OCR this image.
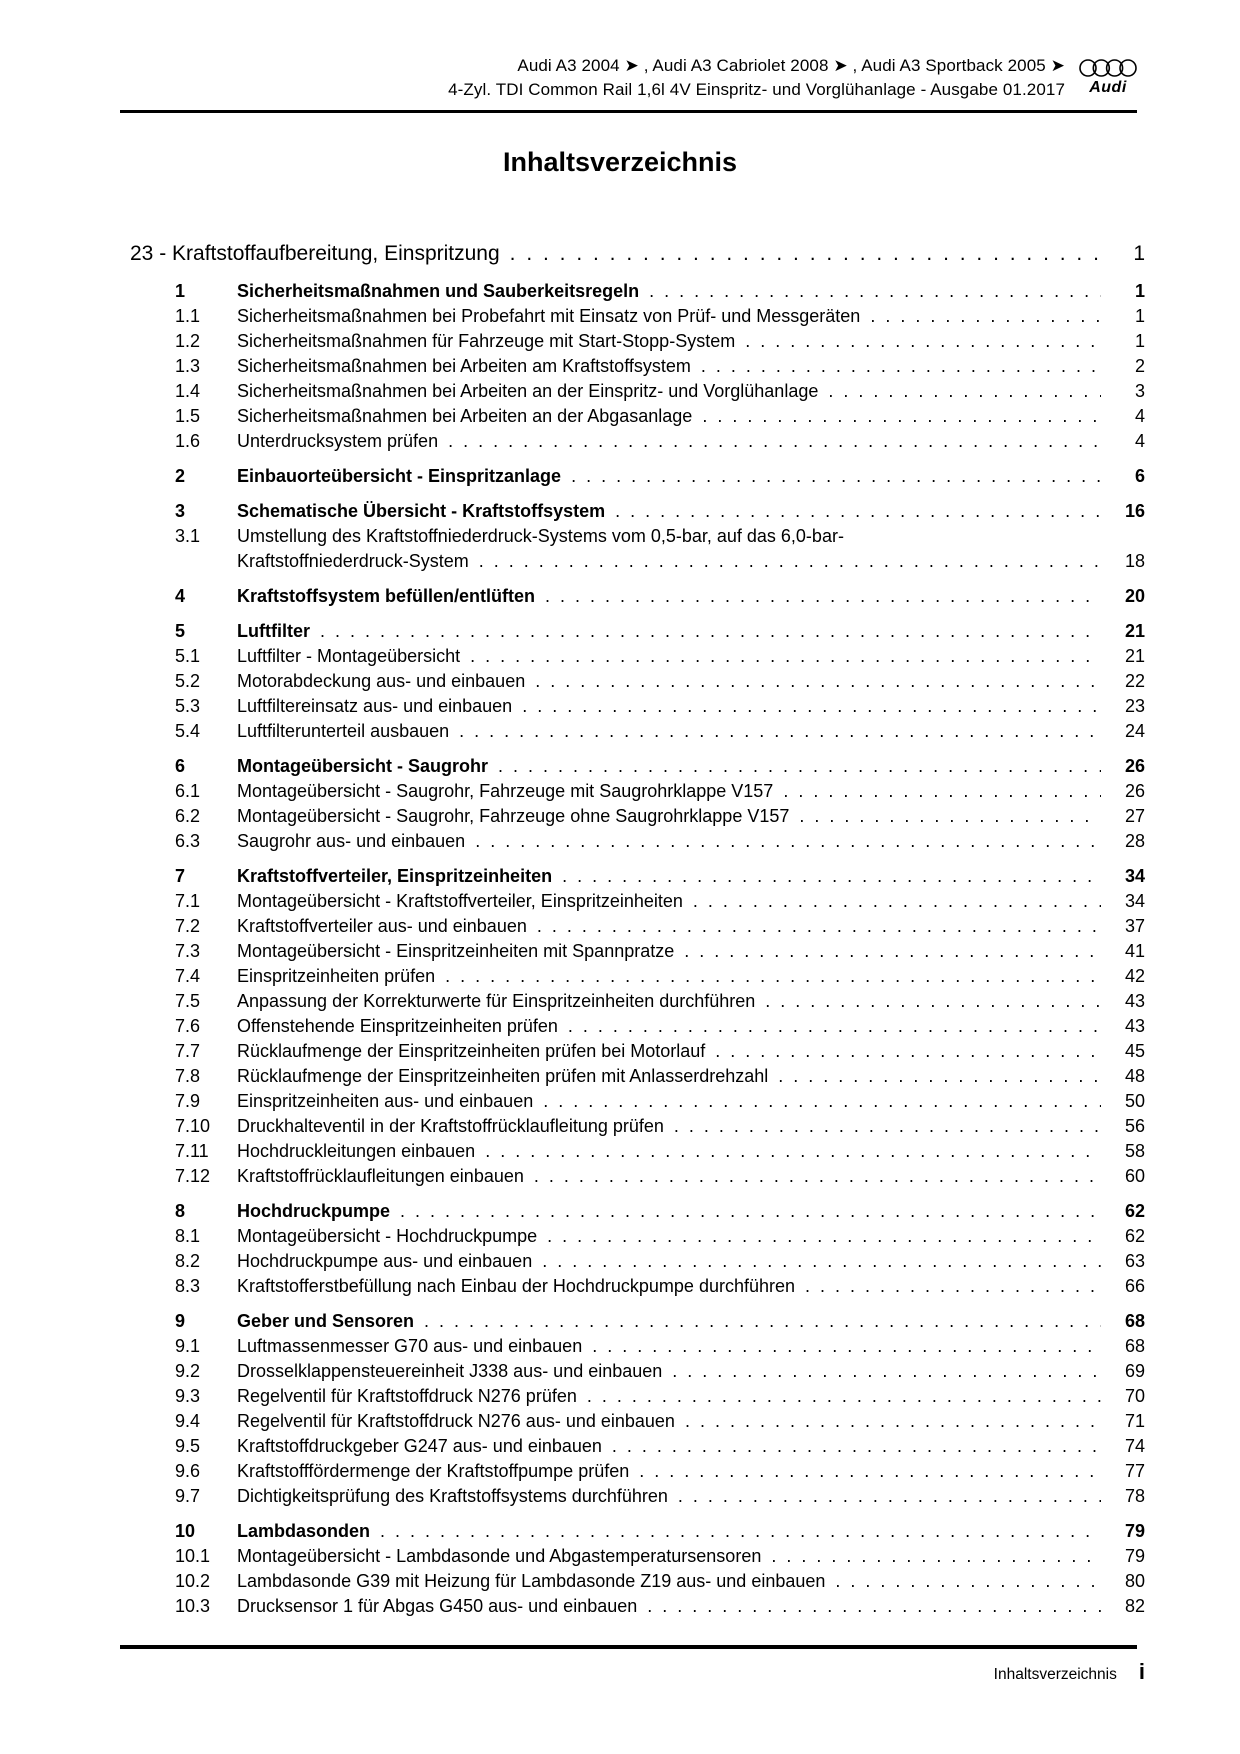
Audi A3 2004 ➤ , Audi A3 Cabriolet 2008 ➤ , Audi A3 Sportback 2005 ➤
4-Zyl. TDI Common Rail 1,6l 4V Einspritz- und Vorglühanlage - Ausgabe 01.2017	Audi
Inhaltsverzeichnis
23 - Kraftstoffaufbereitung, Einspritzung . . .	1
1	Sicherheitsmaßnahmen und Sauberkeitsregeln . . .	1
1.1	Sicherheitsmaßnahmen bei Probefahrt mit Einsatz von Prüf- und Messgeräten . . .	1
1.2	Sicherheitsmaßnahmen für Fahrzeuge mit Start-Stopp-System . . .	1
1.3	Sicherheitsmaßnahmen bei Arbeiten am Kraftstoffsystem . . .	2
1.4	Sicherheitsmaßnahmen bei Arbeiten an der Einspritz- und Vorglühanlage . . .	3
1.5	Sicherheitsmaßnahmen bei Arbeiten an der Abgasanlage . . .	4
1.6	Unterdrucksystem prüfen . . .	4
2	Einbauorteübersicht - Einspritzanlage . . .	6
3	Schematische Übersicht - Kraftstoffsystem . . .	16
3.1	Umstellung des Kraftstoffniederdruck-Systems vom 0,5-bar, auf das 6,0-bar-
Kraftstoffniederdruck-System . . .	18
4	Kraftstoffsystem befüllen/entlüften . . .	20
5	Luftfilter . . .	21
5.1	Luftfilter - Montageübersicht . . .	21
5.2	Motorabdeckung aus- und einbauen . . .	22
5.3	Luftfiltereinsatz aus- und einbauen . . .	23
5.4	Luftfilterunterteil ausbauen . . .	24
6	Montageübersicht - Saugrohr . . .	26
6.1	Montageübersicht - Saugrohr, Fahrzeuge mit Saugrohrklappe V157 . . .	26
6.2	Montageübersicht - Saugrohr, Fahrzeuge ohne Saugrohrklappe V157 . . .	27
6.3	Saugrohr aus- und einbauen . . .	28
7	Kraftstoffverteiler, Einspritzeinheiten . . .	34
7.1	Montageübersicht - Kraftstoffverteiler, Einspritzeinheiten . . .	34
7.2	Kraftstoffverteiler aus- und einbauen . . .	37
7.3	Montageübersicht - Einspritzeinheiten mit Spannpratze . . .	41
7.4	Einspritzeinheiten prüfen . . .	42
7.5	Anpassung der Korrekturwerte für Einspritzeinheiten durchführen . . .	43
7.6	Offenstehende Einspritzeinheiten prüfen . . .	43
7.7	Rücklaufmenge der Einspritzeinheiten prüfen bei Motorlauf . . .	45
7.8	Rücklaufmenge der Einspritzeinheiten prüfen mit Anlasserdrehzahl . . .	48
7.9	Einspritzeinheiten aus- und einbauen . . .	50
7.10	Druckhalteventil in der Kraftstoffrücklaufleitung prüfen . . .	56
7.11	Hochdruckleitungen einbauen . . .	58
7.12	Kraftstoffrücklaufleitungen einbauen . . .	60
8	Hochdruckpumpe . . .	62
8.1	Montageübersicht - Hochdruckpumpe . . .	62
8.2	Hochdruckpumpe aus- und einbauen . . .	63
8.3	Kraftstofferstbefüllung nach Einbau der Hochdruckpumpe durchführen . . .	66
9	Geber und Sensoren . . .	68
9.1	Luftmassenmesser G70 aus- und einbauen . . .	68
9.2	Drosselklappensteuereinheit J338 aus- und einbauen . . .	69
9.3	Regelventil für Kraftstoffdruck N276 prüfen . . .	70
9.4	Regelventil für Kraftstoffdruck N276 aus- und einbauen . . .	71
9.5	Kraftstoffdruckgeber G247 aus- und einbauen . . .	74
9.6	Kraftstofffördermenge der Kraftstoffpumpe prüfen . . .	77
9.7	Dichtigkeitsprüfung des Kraftstoffsystems durchführen . . .	78
10	Lambdasonden . . .	79
10.1	Montageübersicht - Lambdasonde und Abgastemperatursensoren . . .	79
10.2	Lambdasonde G39 mit Heizung für Lambdasonde Z19 aus- und einbauen . . .	80
10.3	Drucksensor 1 für Abgas G450 aus- und einbauen . . .	82
Inhaltsverzeichnis i
